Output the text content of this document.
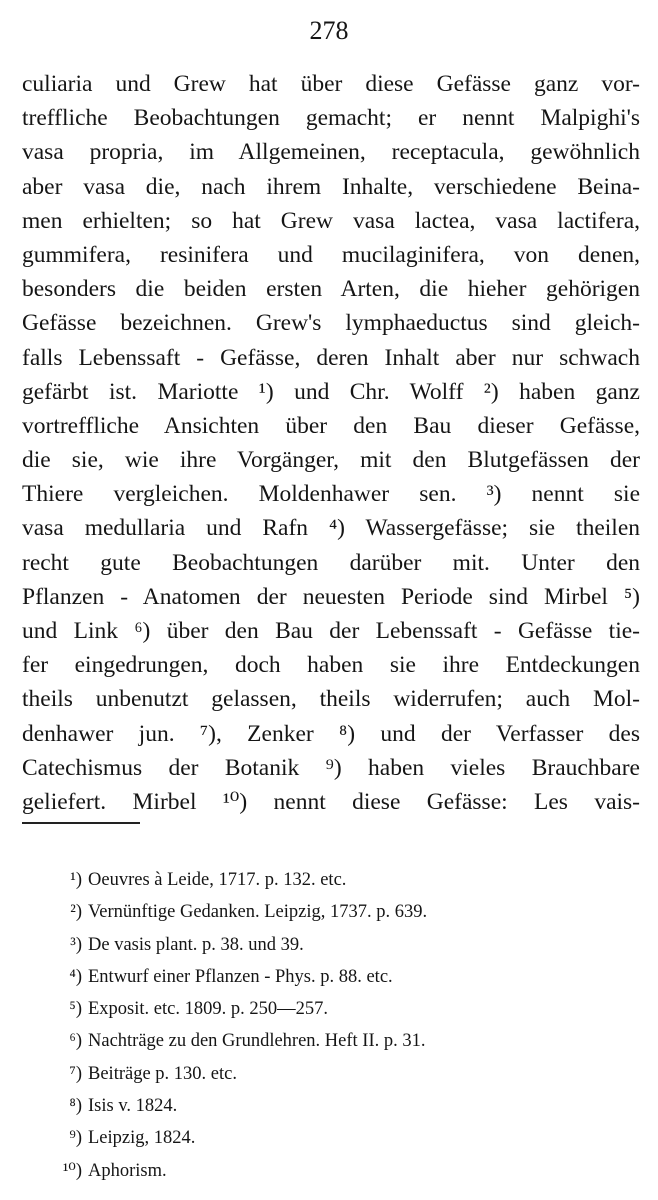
278
culiaria und Grew hat über diese Gefässe ganz vor-
treffliche Beobachtungen gemacht; er nennt Malpighi's
vasa propria, im Allgemeinen, receptacula, gewöhnlich
aber vasa die, nach ihrem Inhalte, verschiedene Beina-
men erhielten; so hat Grew vasa lactea, vasa lactifera,
gummifera, resinifera und mucilaginifera, von denen,
besonders die beiden ersten Arten, die hieher gehörigen
Gefässe bezeichnen. Grew's lymphaeductus sind gleich-
falls Lebenssaft - Gefässe, deren Inhalt aber nur schwach
gefärbt ist. Mariotte ¹) und Chr. Wolff ²) haben ganz
vortreffliche Ansichten über den Bau dieser Gefässe,
die sie, wie ihre Vorgänger, mit den Blutgefässen der
Thiere vergleichen. Moldenhawer sen. ³) nennt sie
vasa medullaria und Rafn ⁴) Wassergefässe; sie theilen
recht gute Beobachtungen darüber mit. Unter den
Pflanzen - Anatomen der neuesten Periode sind Mirbel ⁵)
und Link ⁶) über den Bau der Lebenssaft - Gefässe tie-
fer eingedrungen, doch haben sie ihre Entdeckungen
theils unbenutzt gelassen, theils widerrufen; auch Mol-
denhawer jun. ⁷), Zenker ⁸) und der Verfasser des
Catechismus der Botanik ⁹) haben vieles Brauchbare
geliefert. Mirbel ¹⁰) nennt diese Gefässe: Les vais-
¹) Oeuvres à Leide, 1717. p. 132. etc.
²) Vernünftige Gedanken. Leipzig, 1737. p. 639.
³) De vasis plant. p. 38. und 39.
⁴) Entwurf einer Pflanzen - Phys. p. 88. etc.
⁵) Exposit. etc. 1809. p. 250—257.
⁶) Nachträge zu den Grundlehren. Heft II. p. 31.
⁷) Beiträge p. 130. etc.
⁸) Isis v. 1824.
⁹) Leipzig, 1824.
¹⁰) Aphorism.
